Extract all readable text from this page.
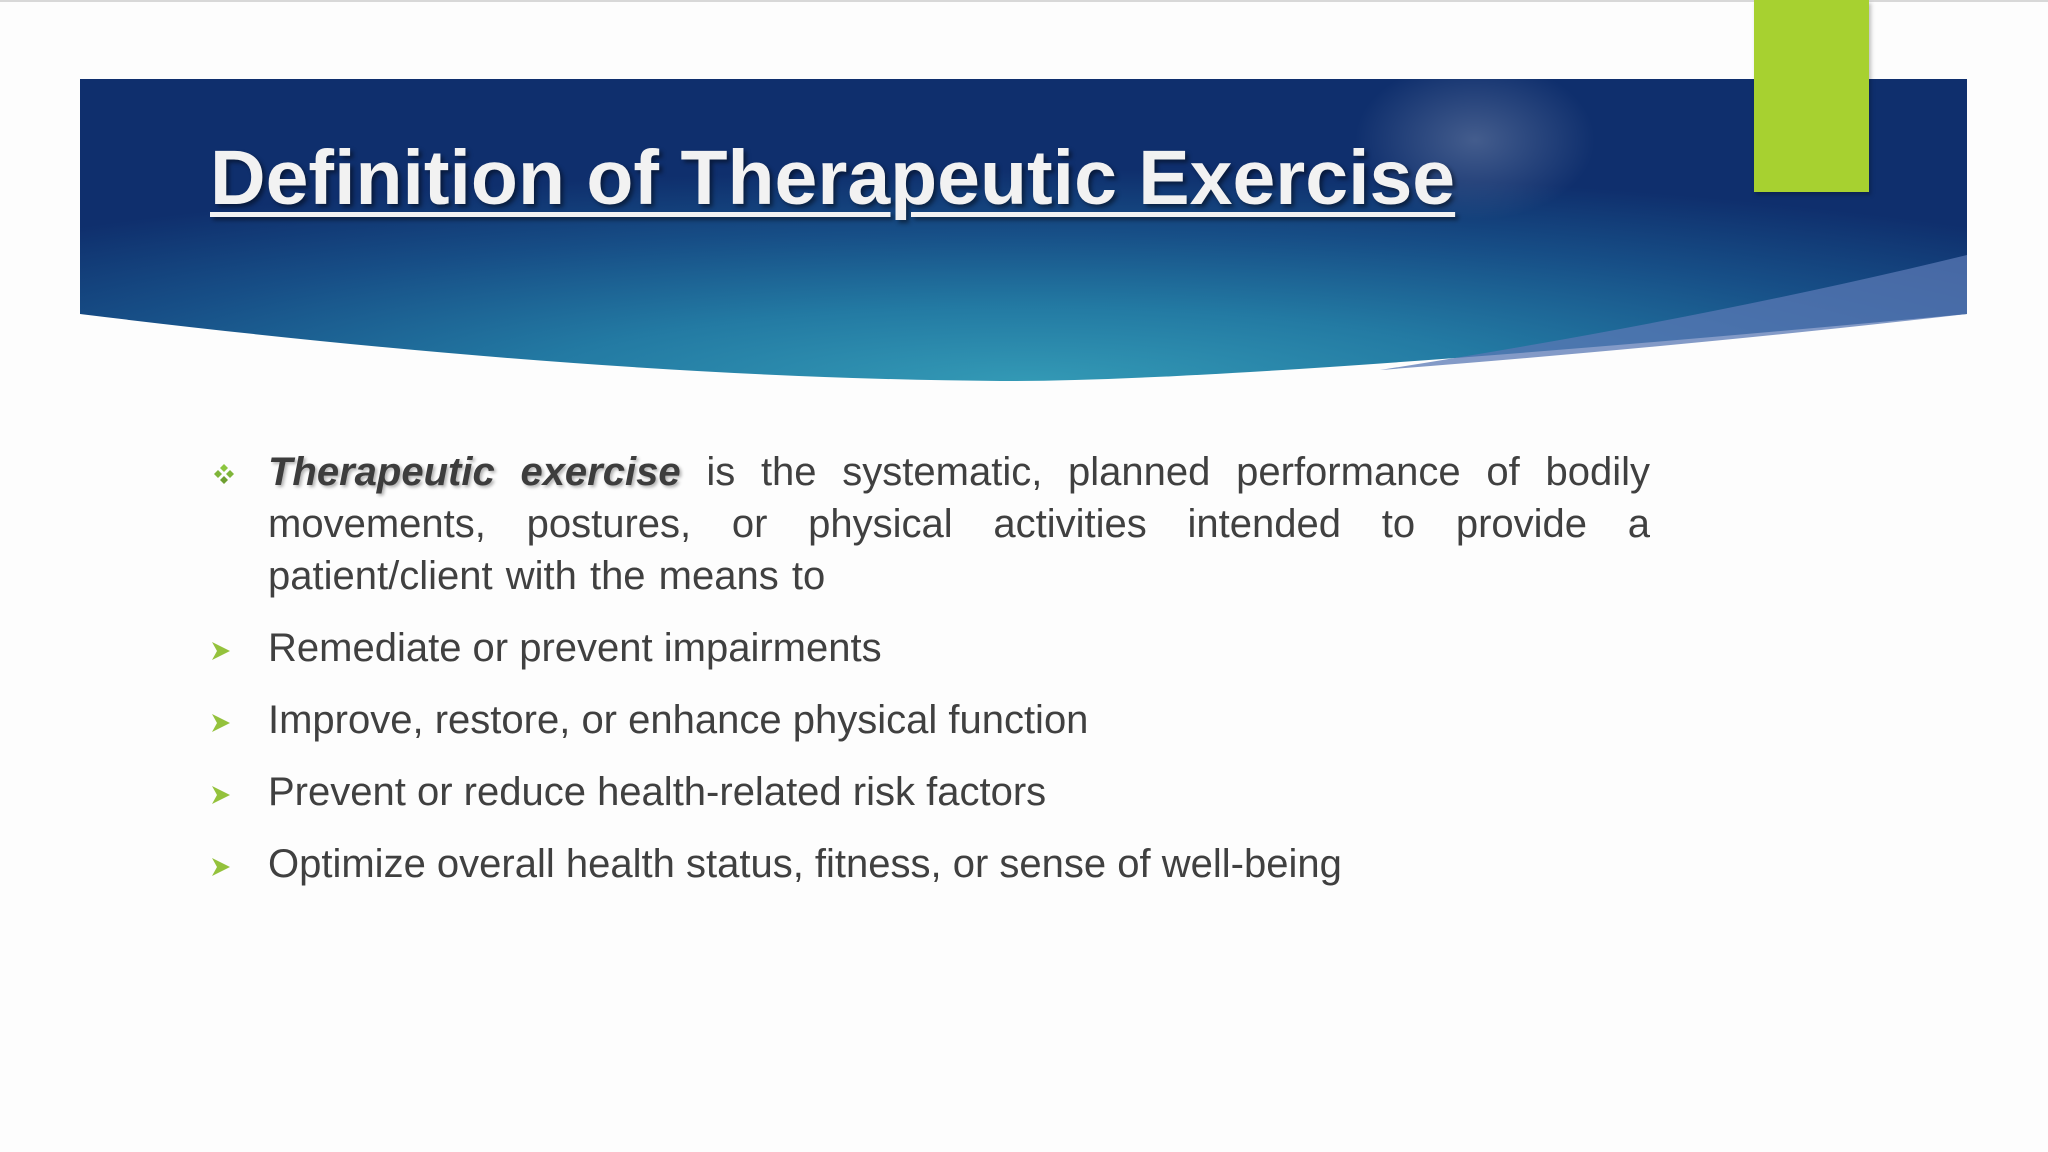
Definition of Therapeutic Exercise
Therapeutic exercise is the systematic, planned performance of bodily movements, postures, or physical activities intended to provide a patient/client with the means to
Remediate or prevent impairments
Improve, restore, or enhance physical function
Prevent or reduce health-related risk factors
Optimize overall health status, fitness, or sense of well-being
